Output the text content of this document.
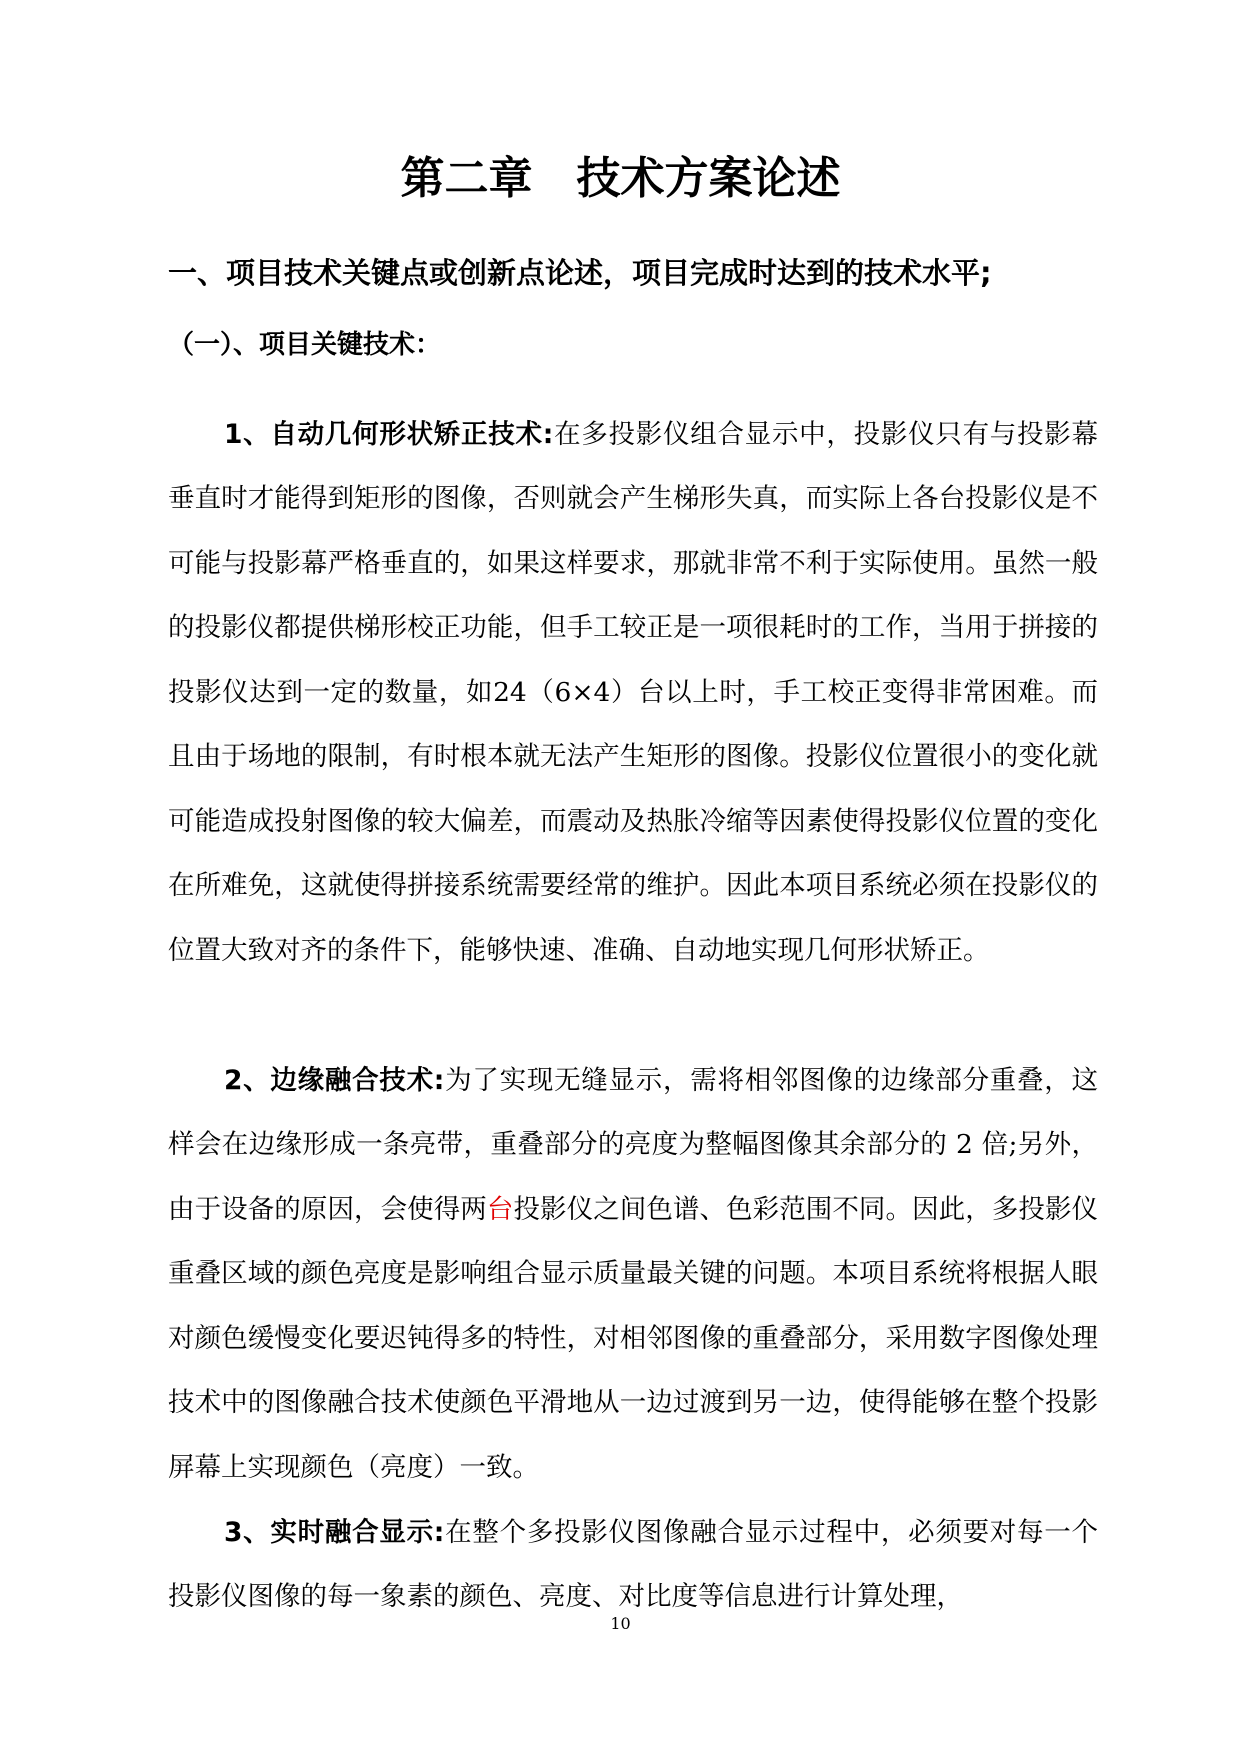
第二章　技术方案论述
一、项目技术关键点或创新点论述，项目完成时达到的技术水平;
（一）、项目关键技术：

1、自动几何形状矫正技术:在多投影仪组合显示中，投影仪只有与投影幕垂直时才能得到矩形的图像，否则就会产生梯形失真，而实际上各台投影仪是不可能与投影幕严格垂直的，如果这样要求，那就非常不利于实际使用。虽然一般的投影仪都提供梯形校正功能，但手工较正是一项很耗时的工作，当用于拼接的投影仪达到一定的数量，如24（6×4）台以上时，手工校正变得非常困难。而且由于场地的限制，有时根本就无法产生矩形的图像。投影仪位置很小的变化就可能造成投射图像的较大偏差，而震动及热胀冷缩等因素使得投影仪位置的变化在所难免，这就使得拼接系统需要经常的维护。因此本项目系统必须在投影仪的位置大致对齐的条件下，能够快速、准确、自动地实现几何形状矫正。

2、边缘融合技术:为了实现无缝显示，需将相邻图像的边缘部分重叠，这样会在边缘形成一条亮带，重叠部分的亮度为整幅图像其余部分的 2 倍;另外，由于设备的原因，会使得两台投影仪之间色谱、色彩范围不同。因此，多投影仪重叠区域的颜色亮度是影响组合显示质量最关键的问题。本项目系统将根据人眼对颜色缓慢变化要迟钝得多的特性，对相邻图像的重叠部分，采用数字图像处理技术中的图像融合技术使颜色平滑地从一边过渡到另一边，使得能够在整个投影屏幕上实现颜色（亮度）一致。

3、实时融合显示:在整个多投影仪图像融合显示过程中，必须要对每一个投影仪图像的每一象素的颜色、亮度、对比度等信息进行计算处理，

10
